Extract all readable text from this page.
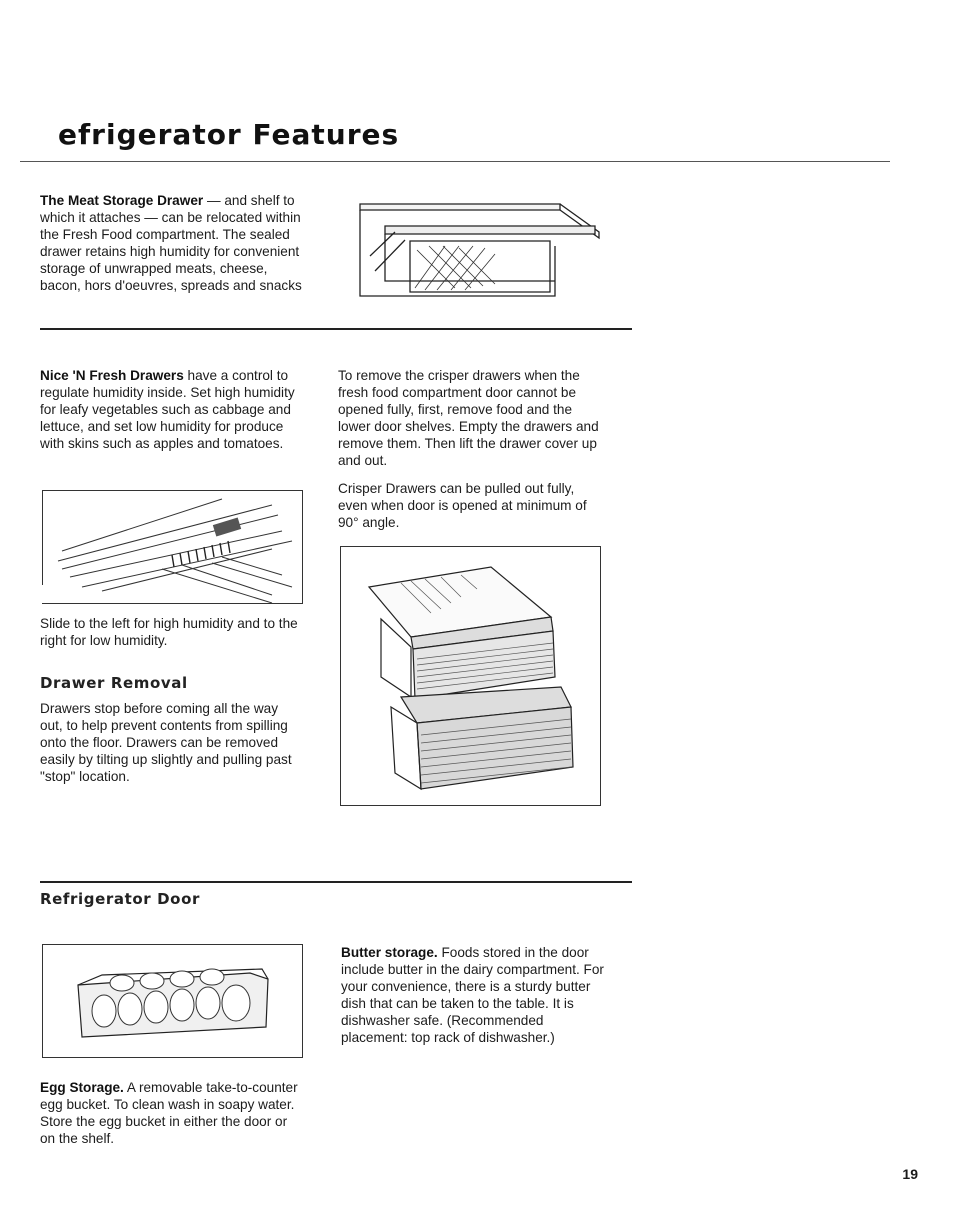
efrigerator Features
The Meat Storage Drawer — and shelf to which it attaches — can be relocated within the Fresh Food compartment. The sealed drawer retains high humidity for convenient storage of unwrapped meats, cheese, bacon, hors d'oeuvres, spreads and snacks
Nice 'N Fresh Drawers have a control to regulate humidity inside. Set high humidity for leafy vegetables such as cabbage and lettuce, and set low humidity for produce with skins such as apples and tomatoes.
Slide to the left for high humidity and to the right for low humidity.
Drawer Removal
Drawers stop before coming all the way out, to help prevent contents from spilling onto the floor. Drawers can be removed easily by tilting up slightly and pulling past "stop" location.
To remove the crisper drawers when the fresh food compartment door cannot be opened fully, first, remove food and the lower door shelves. Empty the drawers and remove them. Then lift the drawer cover up and out.
Crisper Drawers can be pulled out fully, even when door is opened at minimum of 90° angle.
Refrigerator Door
Egg Storage. A removable take-to-counter egg bucket. To clean wash in soapy water. Store the egg bucket in either the door or on the shelf.
Butter storage. Foods stored in the door include butter in the dairy compartment. For your convenience, there is a sturdy butter dish that can be taken to the table. It is dishwasher safe. (Recommended placement: top rack of dishwasher.)
19
